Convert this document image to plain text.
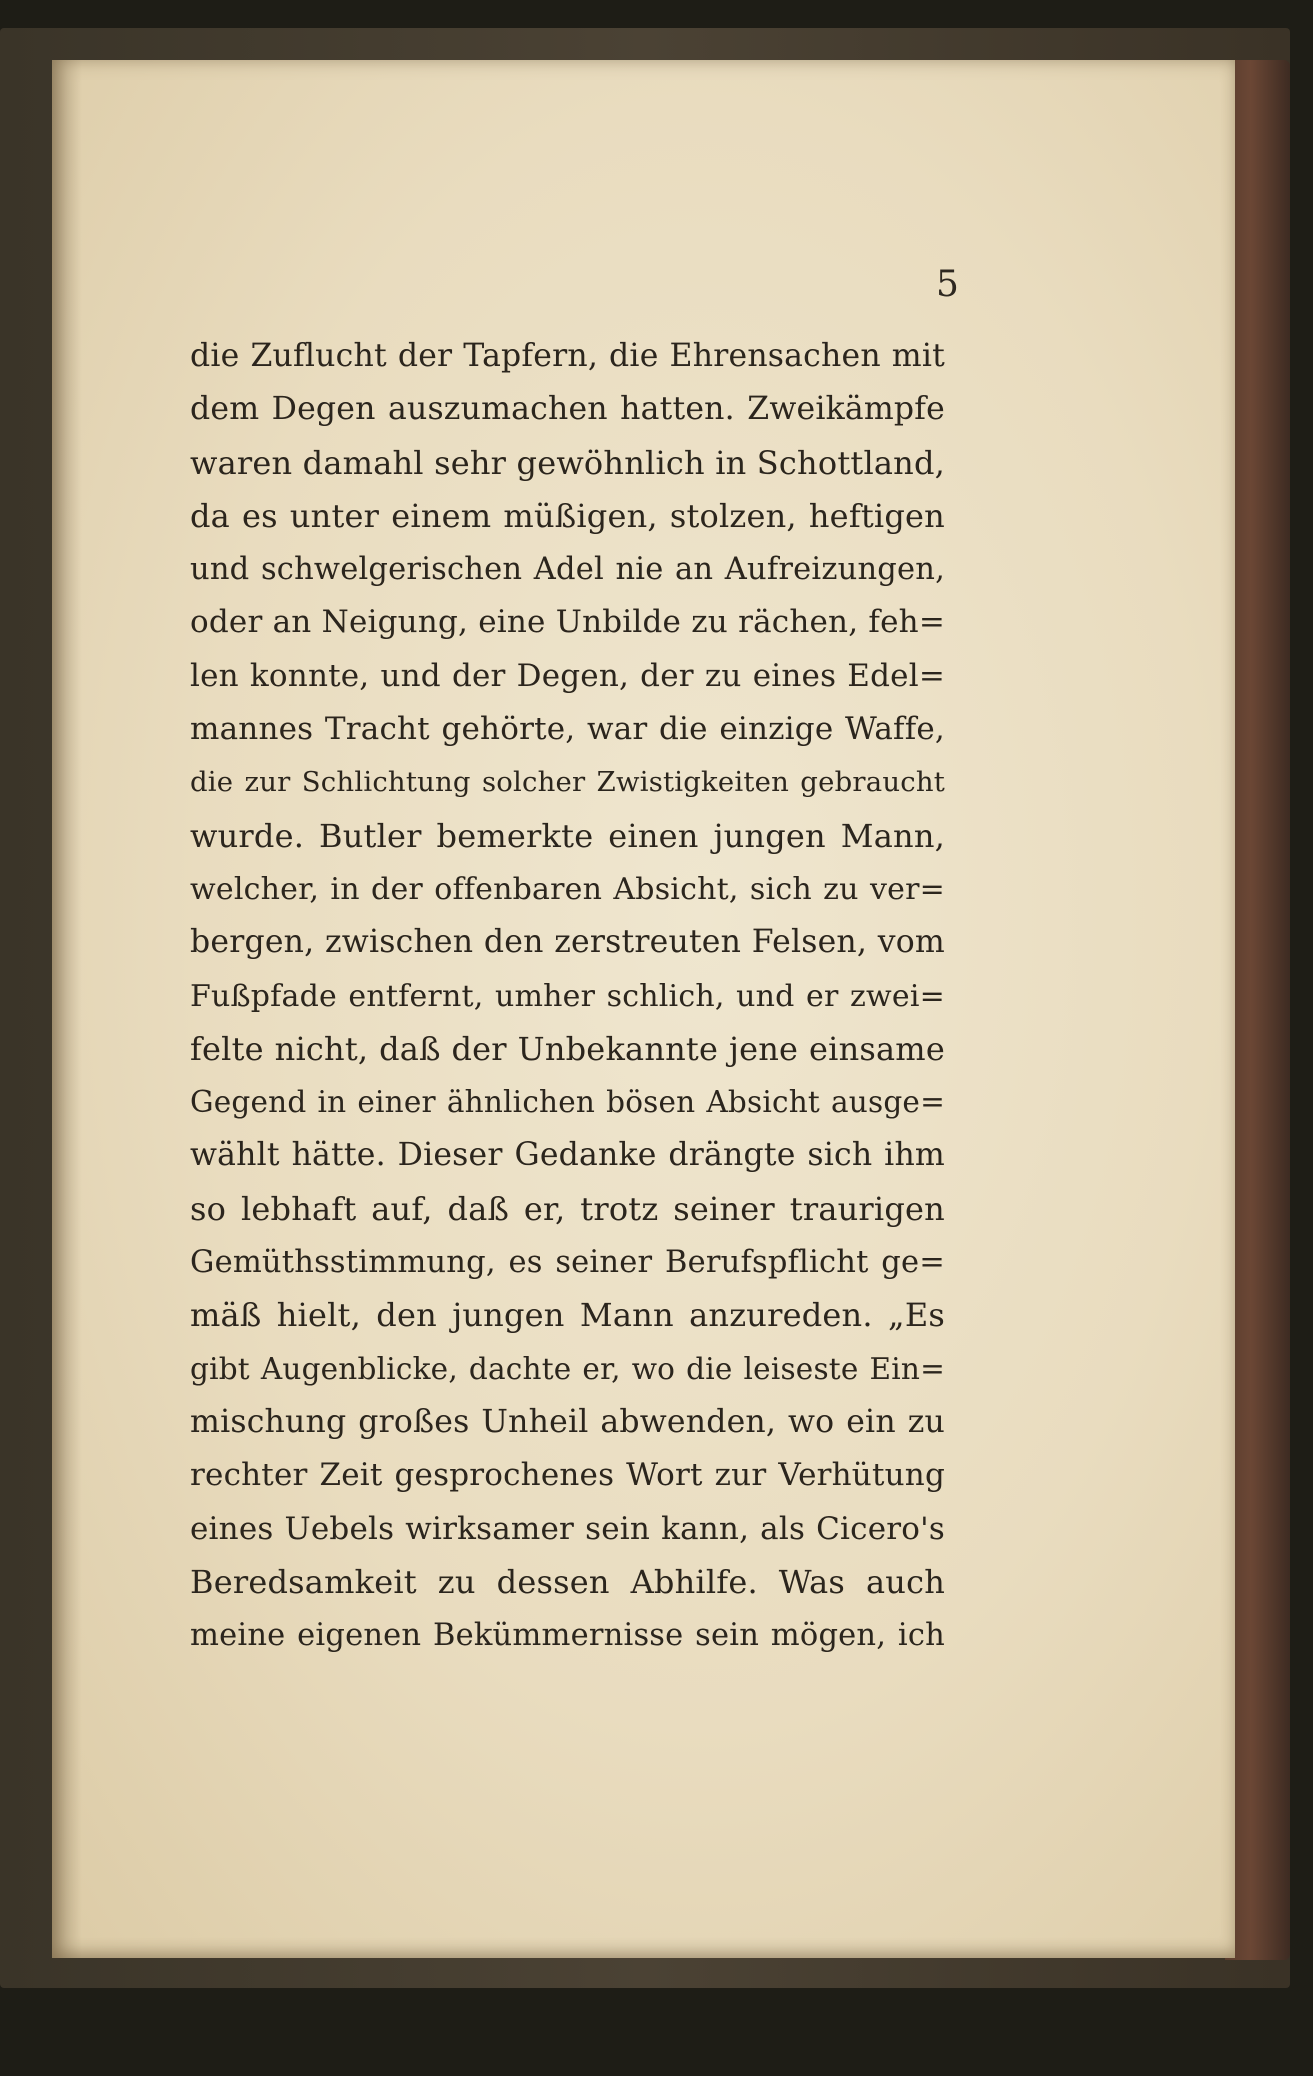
5
die Zuflucht der Tapfern, die Ehrensachen mit
dem Degen auszumachen hatten. Zweikämpfe
waren damahl sehr gewöhnlich in Schottland,
da es unter einem müßigen, stolzen, heftigen
und schwelgerischen Adel nie an Aufreizungen,
oder an Neigung, eine Unbilde zu rächen, feh=
len konnte, und der Degen, der zu eines Edel=
mannes Tracht gehörte, war die einzige Waffe,
die zur Schlichtung solcher Zwistigkeiten gebraucht
wurde. Butler bemerkte einen jungen Mann,
welcher, in der offenbaren Absicht, sich zu ver=
bergen, zwischen den zerstreuten Felsen, vom
Fußpfade entfernt, umher schlich, und er zwei=
felte nicht, daß der Unbekannte jene einsame
Gegend in einer ähnlichen bösen Absicht ausge=
wählt hätte. Dieser Gedanke drängte sich ihm
so lebhaft auf, daß er, trotz seiner traurigen
Gemüthsstimmung, es seiner Berufspflicht ge=
mäß hielt, den jungen Mann anzureden. „Es
gibt Augenblicke, dachte er, wo die leiseste Ein=
mischung großes Unheil abwenden, wo ein zu
rechter Zeit gesprochenes Wort zur Verhütung
eines Uebels wirksamer sein kann, als Cicero's
Beredsamkeit zu dessen Abhilfe. Was auch
meine eigenen Bekümmernisse sein mögen, ich
